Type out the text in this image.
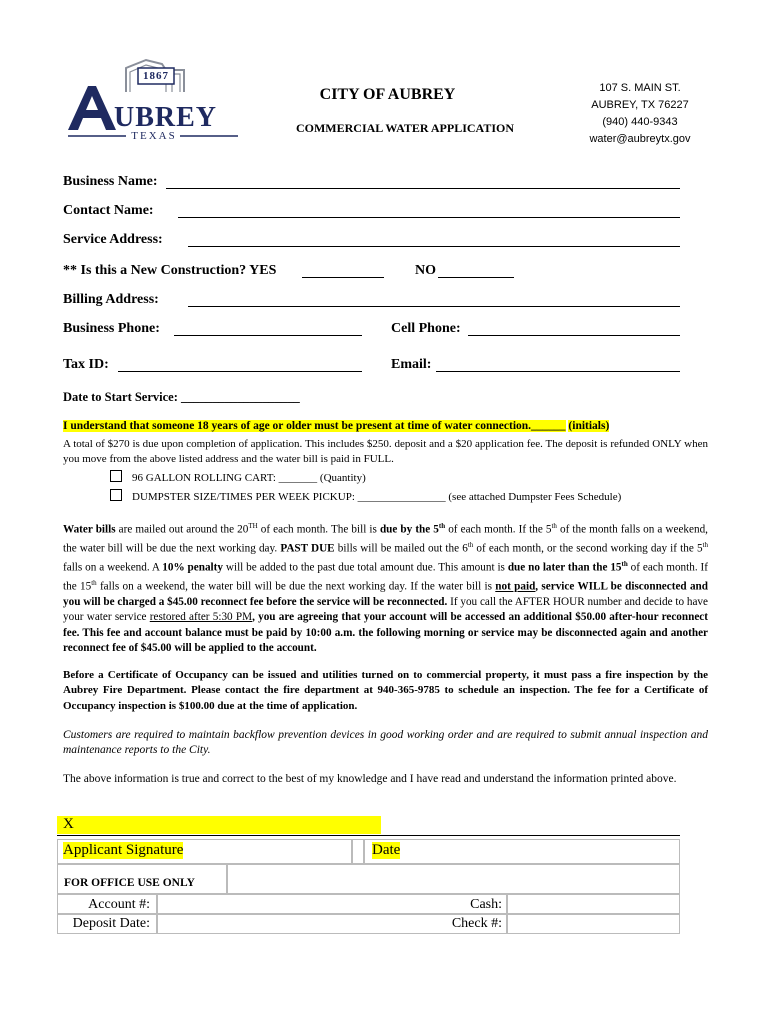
1867
UBREY
TEXAS
CITY OF AUBREY
COMMERCIAL WATER APPLICATION
107 S. MAIN ST.
AUBREY, TX 76227
(940) 440-9343
water@aubreytx.gov
Business Name:
Contact Name:
Service Address:
** Is this a New Construction? YES	NO
Billing Address:
Business Phone:	Cell Phone:
Tax ID:	Email:
Date to Start Service: ___________________
I understand that someone 18 years of age or older must be present at time of water connection.______ (initials)
A total of $270 is due upon completion of application. This includes $250. deposit and a $20 application fee. The deposit is refunded ONLY when you move from the above listed address and the water bill is paid in FULL.
96 GALLON ROLLING CART: _______ (Quantity)
DUMPSTER SIZE/TIMES PER WEEK PICKUP: ________________ (see attached Dumpster Fees Schedule)
Water bills are mailed out around the 20TH of each month. The bill is due by the 5th of each month. If the 5th of the month falls on a weekend, the water bill will be due the next working day. PAST DUE bills will be mailed out the 6th of each month, or the second working day if the 5th falls on a weekend. A 10% penalty will be added to the past due total amount due. This amount is due no later than the 15th of each month. If the 15th falls on a weekend, the water bill will be due the next working day. If the water bill is not paid, service WILL be disconnected and you will be charged a $45.00 reconnect fee before the service will be reconnected. If you call the AFTER HOUR number and decide to have your water service restored after 5:30 PM, you are agreeing that your account will be accessed an additional $50.00 after-hour reconnect fee. This fee and account balance must be paid by 10:00 a.m. the following morning or service may be disconnected again and another reconnect fee of $45.00 will be applied to the account.
Before a Certificate of Occupancy can be issued and utilities turned on to commercial property, it must pass a fire inspection by the Aubrey Fire Department. Please contact the fire department at 940-365-9785 to schedule an inspection. The fee for a Certificate of Occupancy inspection is $100.00 due at the time of application.
Customers are required to maintain backflow prevention devices in good working order and are required to submit annual inspection and maintenance reports to the City.
The above information is true and correct to the best of my knowledge and I have read and understand the information printed above.
X
Applicant Signature	Date
FOR OFFICE USE ONLY
Account #:	Cash:
Deposit Date:	Check #:
